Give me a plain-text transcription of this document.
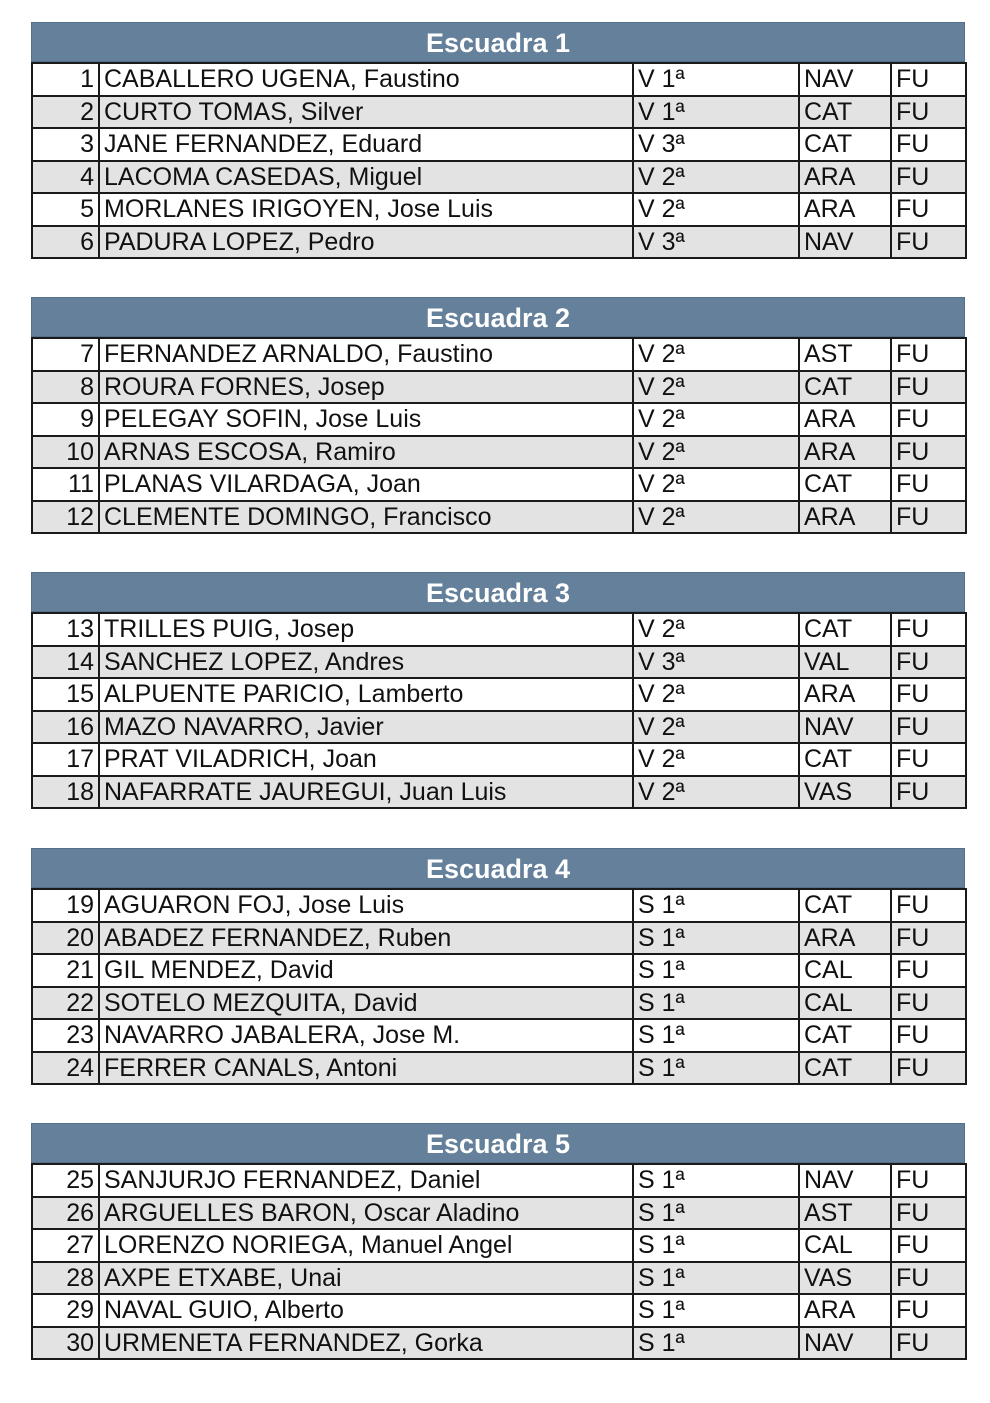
Escuadra 1
1	CABALLERO UGENA, Faustino	V 1ª	NAV	FU
2	CURTO TOMAS, Silver	V 1ª	CAT	FU
3	JANE FERNANDEZ, Eduard	V 3ª	CAT	FU
4	LACOMA CASEDAS, Miguel	V 2ª	ARA	FU
5	MORLANES IRIGOYEN, Jose Luis	V 2ª	ARA	FU
6	PADURA LOPEZ, Pedro	V 3ª	NAV	FU
Escuadra 2
7	FERNANDEZ ARNALDO, Faustino	V 2ª	AST	FU
8	ROURA FORNES, Josep	V 2ª	CAT	FU
9	PELEGAY SOFIN, Jose Luis	V 2ª	ARA	FU
10	ARNAS ESCOSA, Ramiro	V 2ª	ARA	FU
11	PLANAS VILARDAGA, Joan	V 2ª	CAT	FU
12	CLEMENTE DOMINGO, Francisco	V 2ª	ARA	FU
Escuadra 3
13	TRILLES PUIG, Josep	V 2ª	CAT	FU
14	SANCHEZ LOPEZ, Andres	V 3ª	VAL	FU
15	ALPUENTE PARICIO, Lamberto	V 2ª	ARA	FU
16	MAZO NAVARRO, Javier	V 2ª	NAV	FU
17	PRAT VILADRICH, Joan	V 2ª	CAT	FU
18	NAFARRATE JAUREGUI, Juan Luis	V 2ª	VAS	FU
Escuadra 4
19	AGUARON FOJ, Jose Luis	S 1ª	CAT	FU
20	ABADEZ FERNANDEZ, Ruben	S 1ª	ARA	FU
21	GIL MENDEZ, David	S 1ª	CAL	FU
22	SOTELO MEZQUITA, David	S 1ª	CAL	FU
23	NAVARRO JABALERA, Jose M.	S 1ª	CAT	FU
24	FERRER CANALS, Antoni	S 1ª	CAT	FU
Escuadra 5
25	SANJURJO FERNANDEZ, Daniel	S 1ª	NAV	FU
26	ARGUELLES BARON, Oscar Aladino	S 1ª	AST	FU
27	LORENZO NORIEGA, Manuel Angel	S 1ª	CAL	FU
28	AXPE ETXABE, Unai	S 1ª	VAS	FU
29	NAVAL GUIO, Alberto	S 1ª	ARA	FU
30	URMENETA FERNANDEZ, Gorka	S 1ª	NAV	FU
